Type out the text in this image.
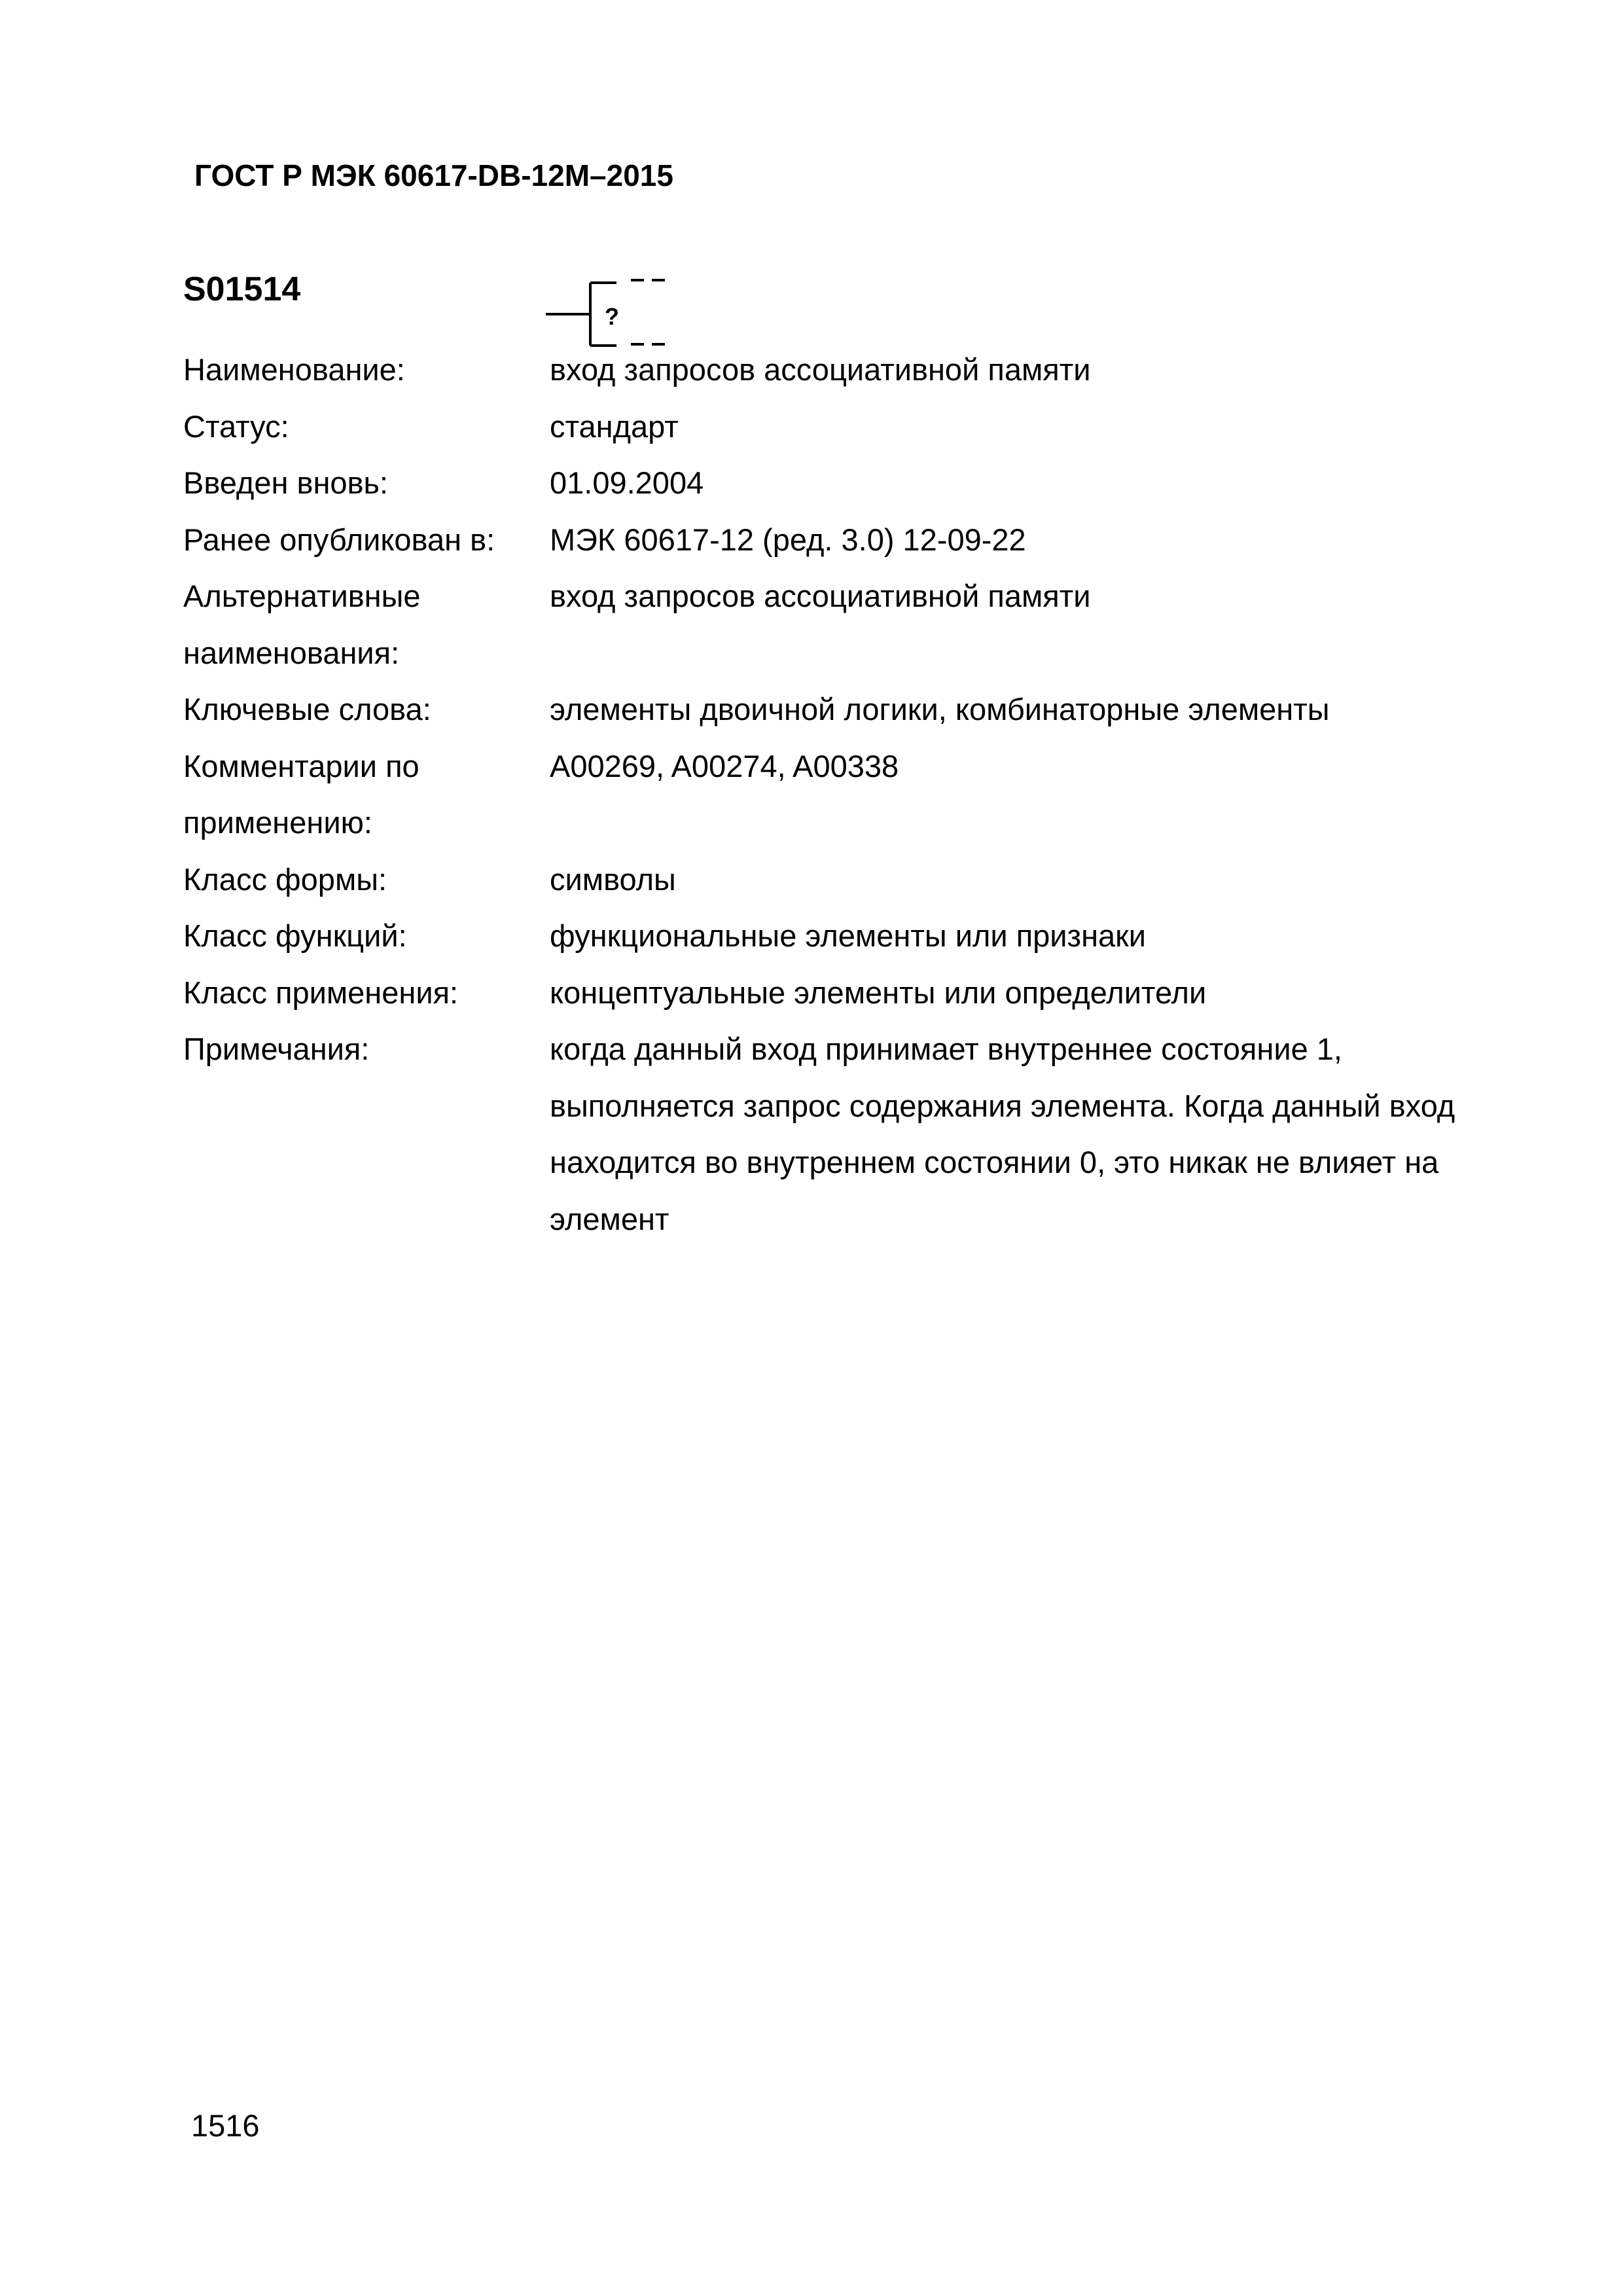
ГОСТ Р МЭК 60617-DB-12M–2015
S01514
?
Наименование:	вход запросов ассоциативной памяти
Статус:	стандарт
Введен вновь:	01.09.2004
Ранее опубликован в:	МЭК 60617-12 (ред. 3.0) 12-09-22
Альтернативные наименования:
вход запросов ассоциативной памяти
Ключевые слова:	элементы двоичной логики, комбинаторные элементы
Комментарии по применению:
A00269, A00274, A00338
Класс формы:	символы
Класс функций:	функциональные элементы или признаки
Класс применения:	концептуальные элементы или определители
Примечания:	когда данный вход принимает внутреннее состояние 1, выполняется запрос содержания элемента. Когда данный вход находится во внутреннем состоянии 0, это никак не влияет на элемент
1516
